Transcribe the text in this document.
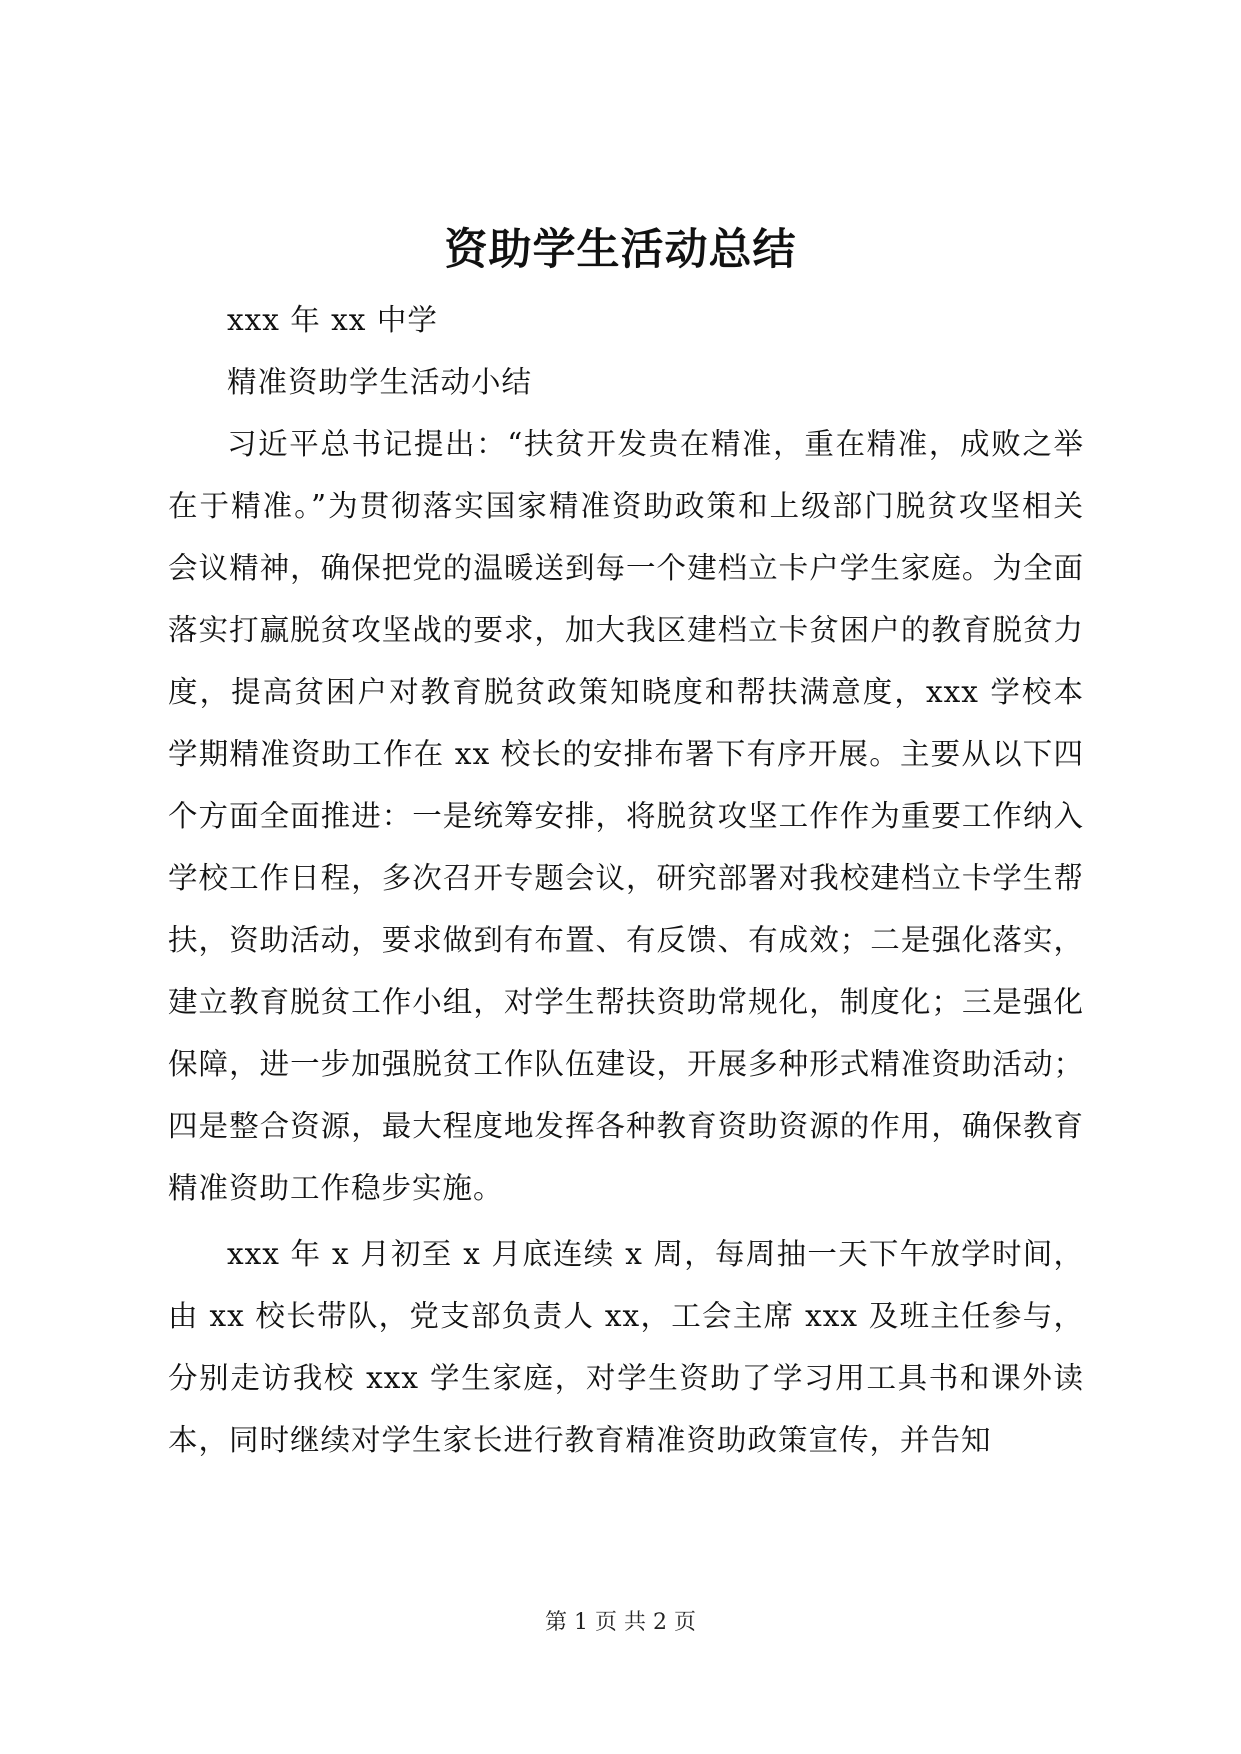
资助学生活动总结

xxx 年 xx 中学

精准资助学生活动小结

习近平总书记提出：“扶贫开发贵在精准，重在精准，成败之举在于精准。”为贯彻落实国家精准资助政策和上级部门脱贫攻坚相关会议精神，确保把党的温暖送到每一个建档立卡户学生家庭。为全面落实打赢脱贫攻坚战的要求，加大我区建档立卡贫困户的教育脱贫力度，提高贫困户对教育脱贫政策知晓度和帮扶满意度，xxx 学校本学期精准资助工作在 xx 校长的安排布署下有序开展。主要从以下四个方面全面推进：一是统筹安排，将脱贫攻坚工作作为重要工作纳入学校工作日程，多次召开专题会议，研究部署对我校建档立卡学生帮扶，资助活动，要求做到有布置、有反馈、有成效；二是强化落实，建立教育脱贫工作小组，对学生帮扶资助常规化，制度化；三是强化保障，进一步加强脱贫工作队伍建设，开展多种形式精准资助活动；四是整合资源，最大程度地发挥各种教育资助资源的作用，确保教育精准资助工作稳步实施。

xxx 年 x 月初至 x 月底连续 x 周，每周抽一天下午放学时间，由 xx 校长带队，党支部负责人 xx，工会主席 xxx 及班主任参与，分别走访我校 xxx 学生家庭，对学生资助了学习用工具书和课外读本，同时继续对学生家长进行教育精准资助政策宣传，并告知

第 1 页 共 2 页
